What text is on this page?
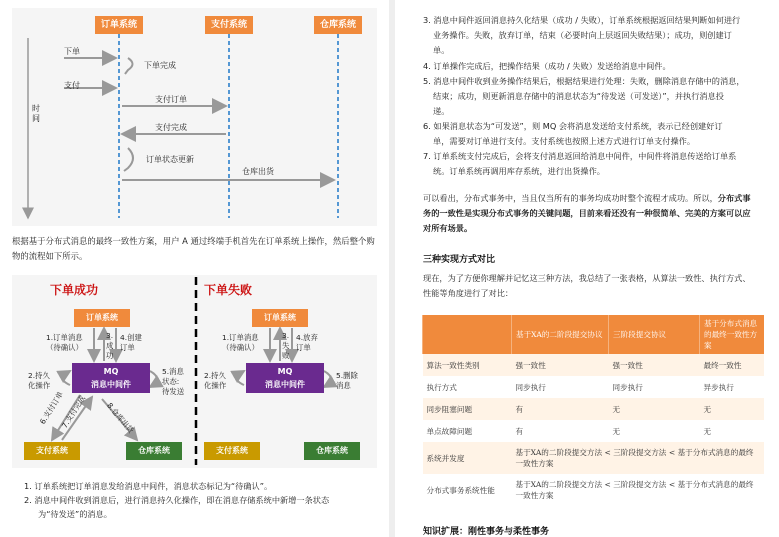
订单系统	支付系统	仓库系统
时间
下单
下单完成
支付
支付订单
支付完成
订单状态更新
仓库出货
根据基于分布式消息的最终一致性方案，用户 A 通过终端手机首先在订单系统上操作，然后整个购物的流程如下所示。
下单成功	下单失败
订单系统
MQ
消息中间件
支付系统	仓库系统
1.订单消息
（待确认）
3.
成
功
4.创建
订单
2.持久
化操作
5.消息
状态:
待发送
6.支付订单
7.支付完成 8.仓库出货
订单系统
MQ
消息中间件
支付系统	仓库系统
1.订单消息
（待确认）
3.
失
败
4.放弃
订单
2.持久
化操作
5.删除
消息
1. 订单系统把订单消息发给消息中间件，消息状态标记为“待确认”。
2. 消息中间件收到消息后，进行消息持久化操作，即在消息存储系统中新增一条状态
为“待发送”的消息。
3. 消息中间件返回消息持久化结果（成功 / 失败），订单系统根据返回结果判断如何进行
业务操作。失败，放弃订单，结束（必要时向上层返回失败结果）；成功，则创建订
单。
4. 订单操作完成后，把操作结果（成功 / 失败）发送给消息中间件。
5. 消息中间件收到业务操作结果后，根据结果进行处理：失败，删除消息存储中的消息，
结束；成功，则更新消息存储中的消息状态为“待发送（可发送）”，并执行消息投
递。
6. 如果消息状态为“可发送”，则 MQ 会将消息发送给支付系统，表示已经创建好订
单，需要对订单进行支付。支付系统也按照上述方式进行订单支付操作。
7. 订单系统支付完成后，会将支付消息返回给消息中间件，中间件将消息传送给订单系
统。订单系统再调用库存系统，进行出货操作。
可以看出，分布式事务中，当且仅当所有的事务均成功时整个流程才成功。所以，分布式事
务的一致性是实现分布式事务的关键问题，目前来看还没有一种很简单、完美的方案可以应
对所有场景。
三种实现方式对比
现在，为了方便你理解并记忆这三种方法，我总结了一张表格，从算法一致性、执行方式、
性能等角度进行了对比：
	基于XA的二阶段提交协议	三阶段提交协议	基于分布式消息的最终一致性方案
算法一致性类别	强一致性	强一致性	最终一致性
执行方式	同步执行	同步执行	异步执行
同步阻塞问题	有	无	无
单点故障问题	有	无	无
系统并发度	基于XA的二阶段提交方法 < 三阶段提交方法 < 基于分布式消息的最终一致性方案		
分布式事务系统性能	基于XA的二阶段提交方法 < 三阶段提交方法 < 基于分布式消息的最终一致性方案		
知识扩展：刚性事务与柔性事务
